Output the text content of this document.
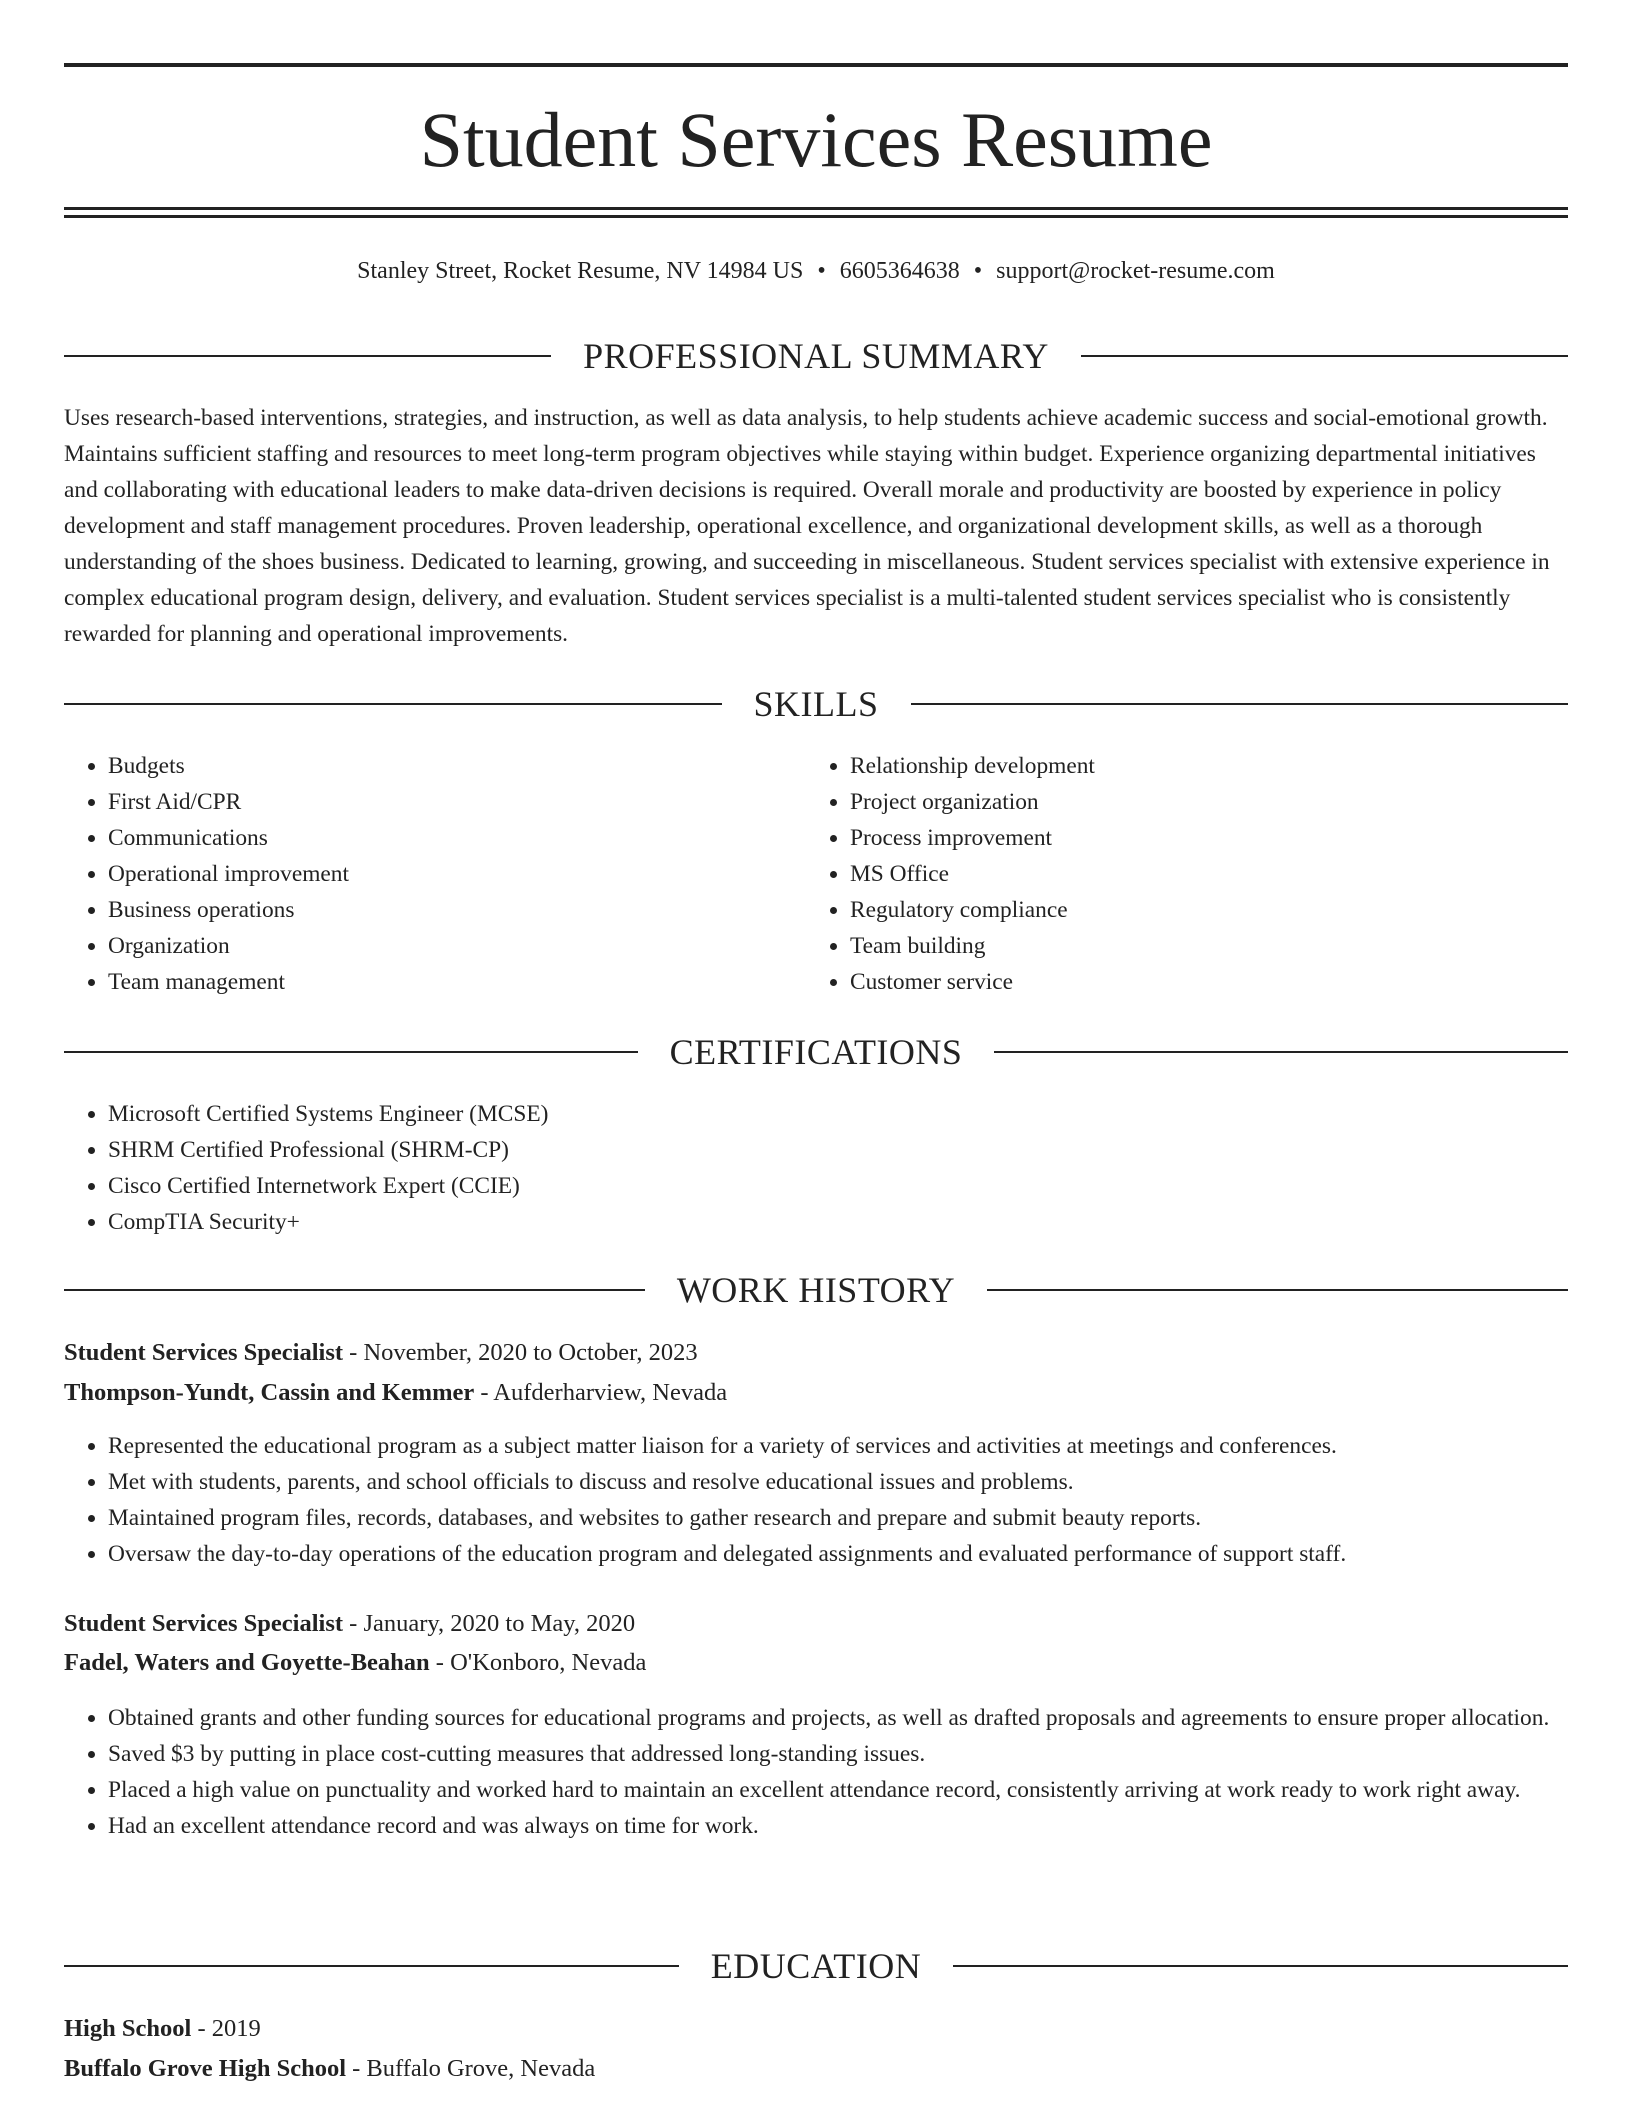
Student Services Resume
Stanley Street, Rocket Resume, NV 14984 US • 6605364638 • support@rocket-resume.com
PROFESSIONAL SUMMARY

Uses research-based interventions, strategies, and instruction, as well as data analysis, to help students achieve academic success and social-emotional growth. Maintains sufficient staffing and resources to meet long-term program objectives while staying within budget. Experience organizing departmental initiatives and collaborating with educational leaders to make data-driven decisions is required. Overall morale and productivity are boosted by experience in policy development and staff management procedures. Proven leadership, operational excellence, and organizational development skills, as well as a thorough understanding of the shoes business. Dedicated to learning, growing, and succeeding in miscellaneous. Student services specialist with extensive experience in complex educational program design, delivery, and evaluation. Student services specialist is a multi-talented student services specialist who is consistently rewarded for planning and operational improvements.

SKILLS
• Budgets
• First Aid/CPR
• Communications
• Operational improvement
• Business operations
• Organization
• Team management
• Relationship development
• Project organization
• Process improvement
• MS Office
• Regulatory compliance
• Team building
• Customer service
CERTIFICATIONS
• Microsoft Certified Systems Engineer (MCSE)
• SHRM Certified Professional (SHRM-CP)
• Cisco Certified Internetwork Expert (CCIE)
• CompTIA Security+
WORK HISTORY
Student Services Specialist - November, 2020 to October, 2023
Thompson-Yundt, Cassin and Kemmer - Aufderharview, Nevada
• Represented the educational program as a subject matter liaison for a variety of services and activities at meetings and conferences.
• Met with students, parents, and school officials to discuss and resolve educational issues and problems.
• Maintained program files, records, databases, and websites to gather research and prepare and submit beauty reports.
• Oversaw the day-to-day operations of the education program and delegated assignments and evaluated performance of support staff.
Student Services Specialist - January, 2020 to May, 2020
Fadel, Waters and Goyette-Beahan - O'Konboro, Nevada
• Obtained grants and other funding sources for educational programs and projects, as well as drafted proposals and agreements to ensure proper allocation.
• Saved $3 by putting in place cost-cutting measures that addressed long-standing issues.
• Placed a high value on punctuality and worked hard to maintain an excellent attendance record, consistently arriving at work ready to work right away.
• Had an excellent attendance record and was always on time for work.
EDUCATION
High School - 2019
Buffalo Grove High School - Buffalo Grove, Nevada
